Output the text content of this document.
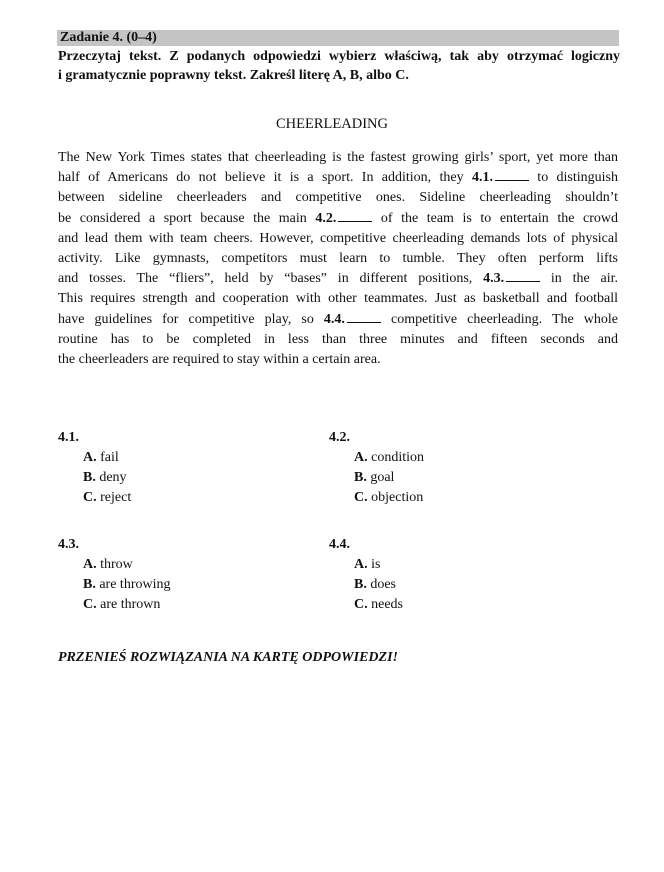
Zadanie 4. (0–4)
Przeczytaj tekst. Z podanych odpowiedzi wybierz właściwą, tak aby otrzymać logiczny
i gramatycznie poprawny tekst. Zakreśl literę A, B, albo C.
CHEERLEADING
The New York Times states that cheerleading is the fastest growing girls’ sport, yet more than
half of Americans do not believe it is a sport. In addition, they 4.1.	to distinguish
between sideline cheerleaders and competitive ones. Sideline cheerleading shouldn’t
be considered a sport because the main 4.2.	of the team is to entertain the crowd
and lead them with team cheers. However, competitive cheerleading demands lots of physical
activity. Like gymnasts, competitors must learn to tumble. They often perform lifts
and tosses. The “fliers”, held by “bases” in different positions, 4.3.	in the air.
This requires strength and cooperation with other teammates. Just as basketball and football
have guidelines for competitive play, so 4.4.	competitive cheerleading. The whole
routine has to be completed in less than three minutes and fifteen seconds and
the cheerleaders are required to stay within a certain area.
4.1.
A. fail
B. deny
C. reject
4.2.
A. condition
B. goal
C. objection
4.3.
A. throw
B. are throwing
C. are thrown
4.4.
A. is
B. does
C. needs
PRZENIEŚ ROZWIĄZANIA NA KARTĘ ODPOWIEDZI!
